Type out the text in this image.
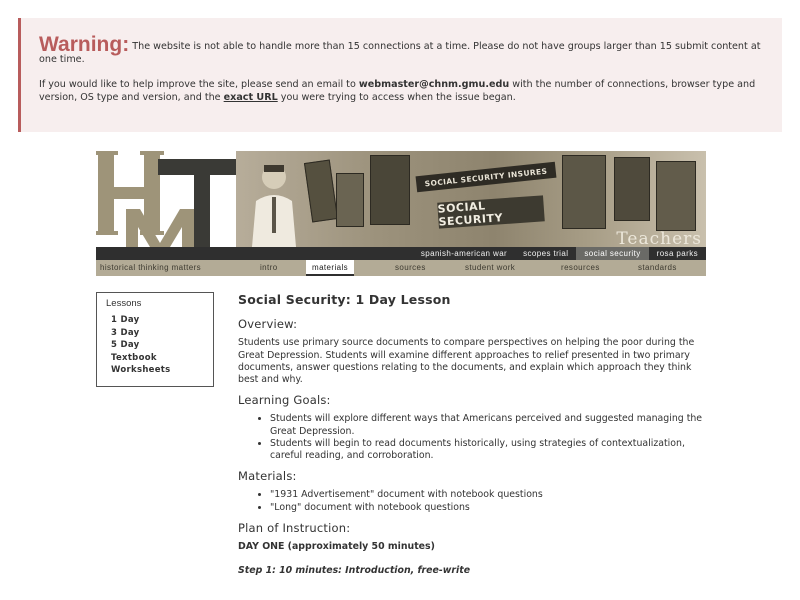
Warning: The website is not able to handle more than 15 connections at a time. Please do not have groups larger than 15 submit content at one time.

If you would like to help improve the site, please send an email to webmaster@chnm.gmu.edu with the number of connections, browser type and version, OS type and version, and the exact URL you were trying to access when the issue began.

SOCIAL SECURITY INSURES
SOCIAL SECURITY
Teachers
spanish-american war	scopes trial	social security	rosa parks
historical thinking matters	intro	materials	sources	student work	resources	standards
Lessons
1 Day
3 Day
5 Day
Textbook
Worksheets
Social Security: 1 Day Lesson
Overview:

Students use primary source documents to compare perspectives on helping the poor during the Great Depression. Students will examine different approaches to relief presented in two primary documents, answer questions relating to the documents, and explain which approach they think best and why.

Learning Goals:
• Students will explore different ways that Americans perceived and suggested managing the Great Depression.
• Students will begin to read documents historically, using strategies of contextualization, careful reading, and corroboration.
Materials:
• "1931 Advertisement" document with notebook questions
• "Long" document with notebook questions
Plan of Instruction:
DAY ONE (approximately 50 minutes)
Step 1: 10 minutes: Introduction, free-write
